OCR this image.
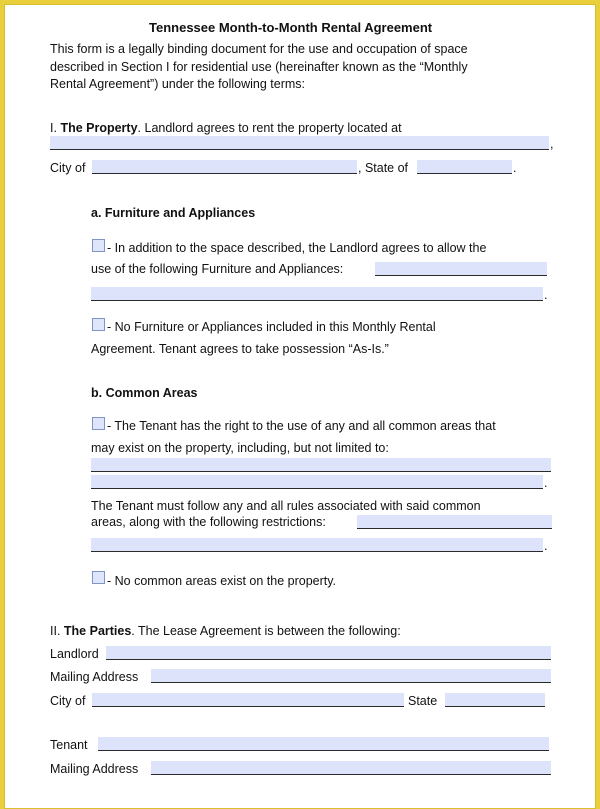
Tennessee Month-to-Month Rental Agreement
This form is a legally binding document for the use and occupation of space
described in Section I for residential use (hereinafter known as the “Monthly
Rental Agreement”) under the following terms:
I. The Property. Landlord agrees to rent the property located at
,
City of	, State of	.
a. Furniture and Appliances
- In addition to the space described, the Landlord agrees to allow the
use of the following Furniture and Appliances:
.
- No Furniture or Appliances included in this Monthly Rental
Agreement. Tenant agrees to take possession “As-Is.”
b. Common Areas
- The Tenant has the right to the use of any and all common areas that
may exist on the property, including, but not limited to:
.
The Tenant must follow any and all rules associated with said common
areas, along with the following restrictions:
.
- No common areas exist on the property.
II. The Parties. The Lease Agreement is between the following:
Landlord
Mailing Address
City of	State
Tenant
Mailing Address
